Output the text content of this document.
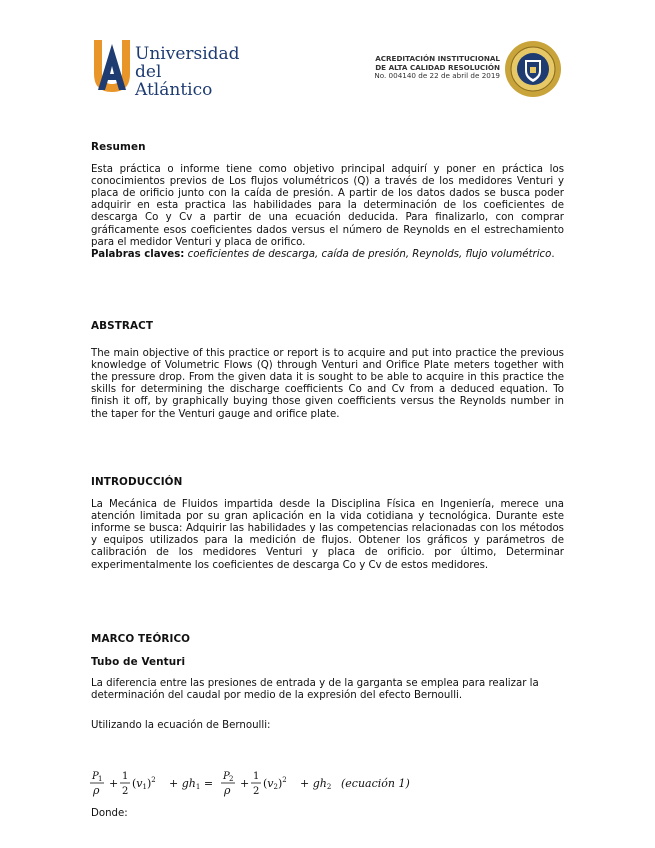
Universidad
del Atlántico
ACREDITACIÓN INSTITUCIONAL
DE ALTA CALIDAD RESOLUCIÓN
No. 004140 de 22 de abril de 2019
Resumen

Esta práctica o informe tiene como objetivo principal adquirí y poner en práctica los conocimientos previos de Los flujos volumétricos (Q) a través de los medidores Venturi y placa de orificio junto con la caída de presión. A partir de los datos dados se busca poder adquirir en esta practica las habilidades para la determinación de los coeficientes de descarga Co y Cv a partir de una ecuación deducida. Para finalizarlo, con comprar gráficamente esos coeficientes dados versus el número de Reynolds en el estrechamiento para el medidor Venturi y placa de orifico.

Palabras claves: coeficientes de descarga, caída de presión, Reynolds, flujo volumétrico.

ABSTRACT

The main objective of this practice or report is to acquire and put into practice the previous knowledge of Volumetric Flows (Q) through Venturi and Orifice Plate meters together with the pressure drop. From the given data it is sought to be able to acquire in this practice the skills for determining the discharge coefficients Co and Cv from a deduced equation. To finish it off, by graphically buying those given coefficients versus the Reynolds number in the taper for the Venturi gauge and orifice plate.

INTRODUCCIÓN

La Mecánica de Fluidos impartida desde la Disciplina Física en Ingeniería, merece una atención limitada por su gran aplicación en la vida cotidiana y tecnológica. Durante este informe se busca: Adquirir las habilidades y las competencias relacionadas con los métodos y equipos utilizados para la medición de flujos. Obtener los gráficos y parámetros de calibración de los medidores Venturi y placa de orificio. por último, Determinar experimentalmente los coeficientes de descarga Co y Cv de estos medidores.

MARCO TEÓRICO
Tubo de Venturi

La diferencia entre las presiones de entrada y de la garganta se emplea para realizar la determinación del caudal por medio de la expresión del efecto Bernoulli.

Utilizando la ecuación de Bernoulli:

P 1
ρ
+
1
2
$(v1)^2 + gh1$ =
P 2
ρ
+
1
2
$(v2)^2 + gh2$ (ecuación 1)

Donde:
